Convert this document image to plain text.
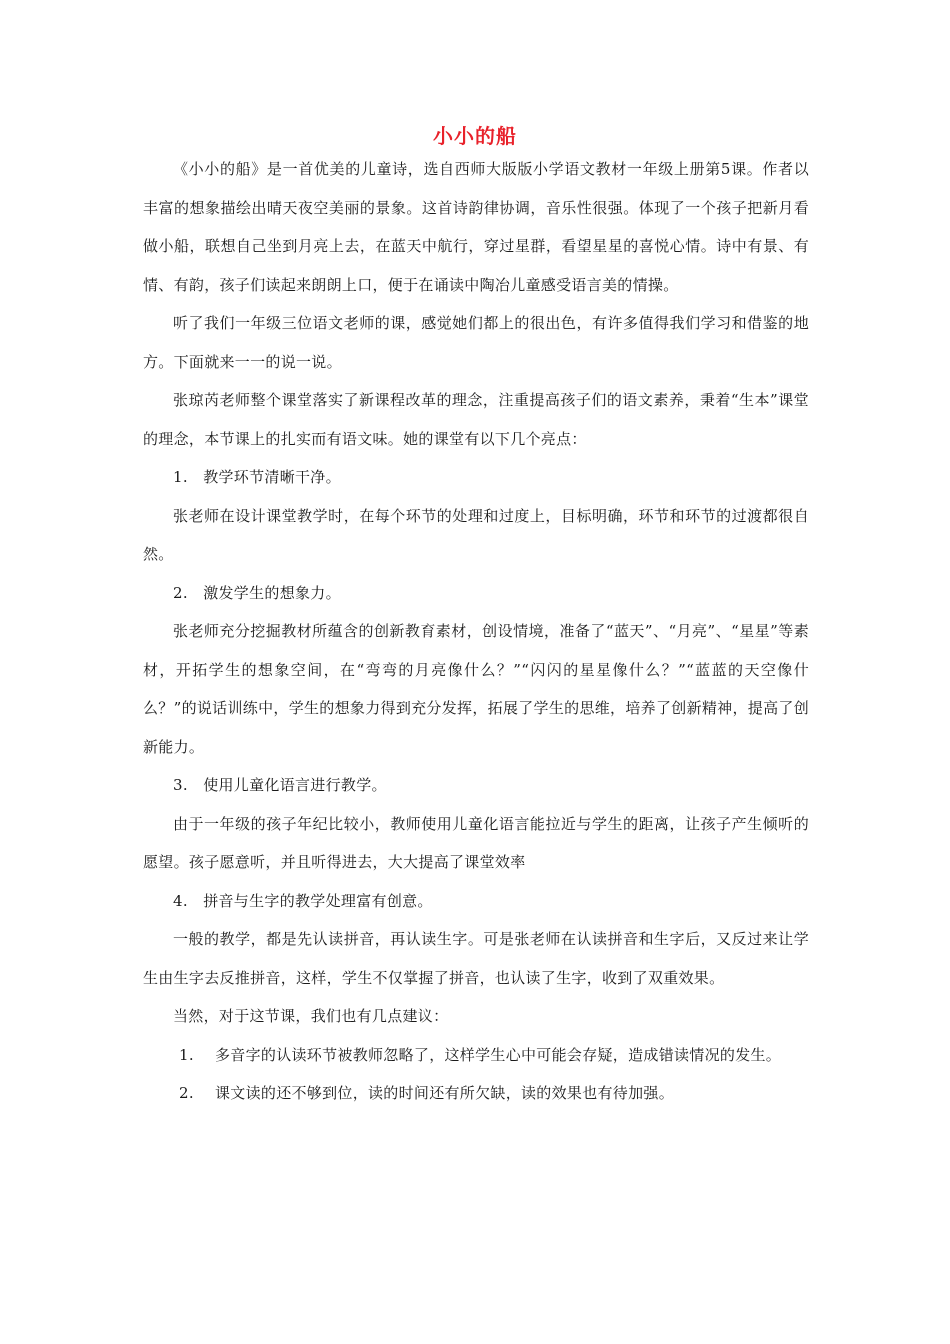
小小的船

《小小的船》是一首优美的儿童诗，选自西师大版版小学语文教材一年级上册第5课。作者以丰富的想象描绘出晴天夜空美丽的景象。这首诗韵律协调，音乐性很强。体现了一个孩子把新月看做小船，联想自己坐到月亮上去，在蓝天中航行，穿过星群，看望星星的喜悦心情。诗中有景、有情、有韵，孩子们读起来朗朗上口，便于在诵读中陶冶儿童感受语言美的情操。

听了我们一年级三位语文老师的课，感觉她们都上的很出色，有许多值得我们学习和借鉴的地方。下面就来一一的说一说。

张琼芮老师整个课堂落实了新课程改革的理念，注重提高孩子们的语文素养，秉着“生本”课堂的理念，本节课上的扎实而有语文味。她的课堂有以下几个亮点：

1.　教学环节清晰干净。

张老师在设计课堂教学时，在每个环节的处理和过度上，目标明确，环节和环节的过渡都很自然。

2.　激发学生的想象力。

张老师充分挖掘教材所蕴含的创新教育素材，创设情境，准备了“蓝天”、“月亮”、“星星”等素材，开拓学生的想象空间，在“弯弯的月亮像什么？”“闪闪的星星像什么？”“蓝蓝的天空像什么？”的说话训练中，学生的想象力得到充分发挥，拓展了学生的思维，培养了创新精神，提高了创新能力。

3.　使用儿童化语言进行教学。

由于一年级的孩子年纪比较小，教师使用儿童化语言能拉近与学生的距离，让孩子产生倾听的愿望。孩子愿意听，并且听得进去，大大提高了课堂效率

4.　拼音与生字的教学处理富有创意。

一般的教学，都是先认读拼音，再认读生字。可是张老师在认读拼音和生字后，又反过来让学生由生字去反推拼音，这样，学生不仅掌握了拼音，也认读了生字，收到了双重效果。

当然，对于这节课，我们也有几点建议：

1.	多音字的认读环节被教师忽略了，这样学生心中可能会存疑，造成错读情况的发生。
2.	课文读的还不够到位，读的时间还有所欠缺，读的效果也有待加强。
